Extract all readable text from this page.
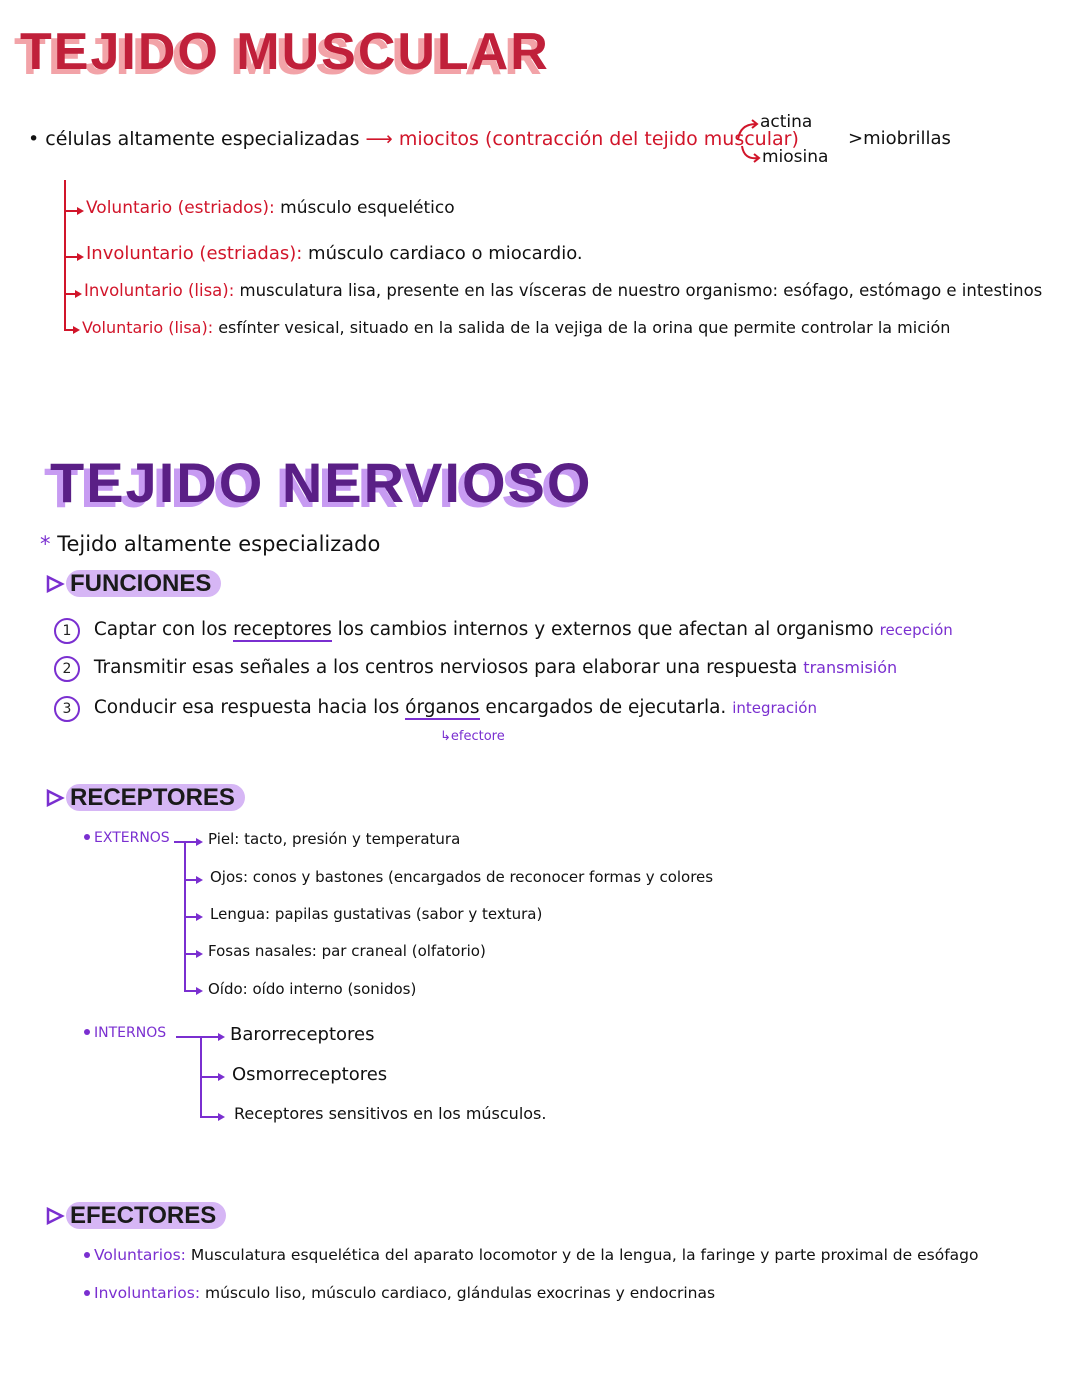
TEJIDO MUSCULAR
• células altamente especializadas ⟶ miocitos (contracción del tejido muscular)
actina
miosina
>miobrillas
Voluntario (estriados): músculo esquelético
Involuntario (estriadas): músculo cardiaco o miocardio.
Involuntario (lisa): musculatura lisa, presente en las vísceras de nuestro organismo: esófago, estómago e intestinos
Voluntario (lisa): esfínter vesical, situado en la salida de la vejiga de la orina que permite controlar la mición
TEJIDO NERVIOSO
* Tejido altamente especializado
FUNCIONES
1 Captar con los receptores los cambios internos y externos que afectan al organismo recepción
2 Transmitir esas señales a los centros nerviosos para elaborar una respuesta transmisión
3 Conducir esa respuesta hacia los órganos encargados de ejecutarla. integración
↳efectore
RECEPTORES
EXTERNOS	Piel: tacto, presión y temperatura
Ojos: conos y bastones (encargados de reconocer formas y colores
Lengua: papilas gustativas (sabor y textura)
Fosas nasales: par craneal (olfatorio)
Oído: oído interno (sonidos)
INTERNOS	Barorreceptores
Osmorreceptores
Receptores sensitivos en los músculos.
EFECTORES
Voluntarios: Musculatura esquelética del aparato locomotor y de la lengua, la faringe y parte proximal de esófago
Involuntarios: músculo liso, músculo cardiaco, glándulas exocrinas y endocrinas
